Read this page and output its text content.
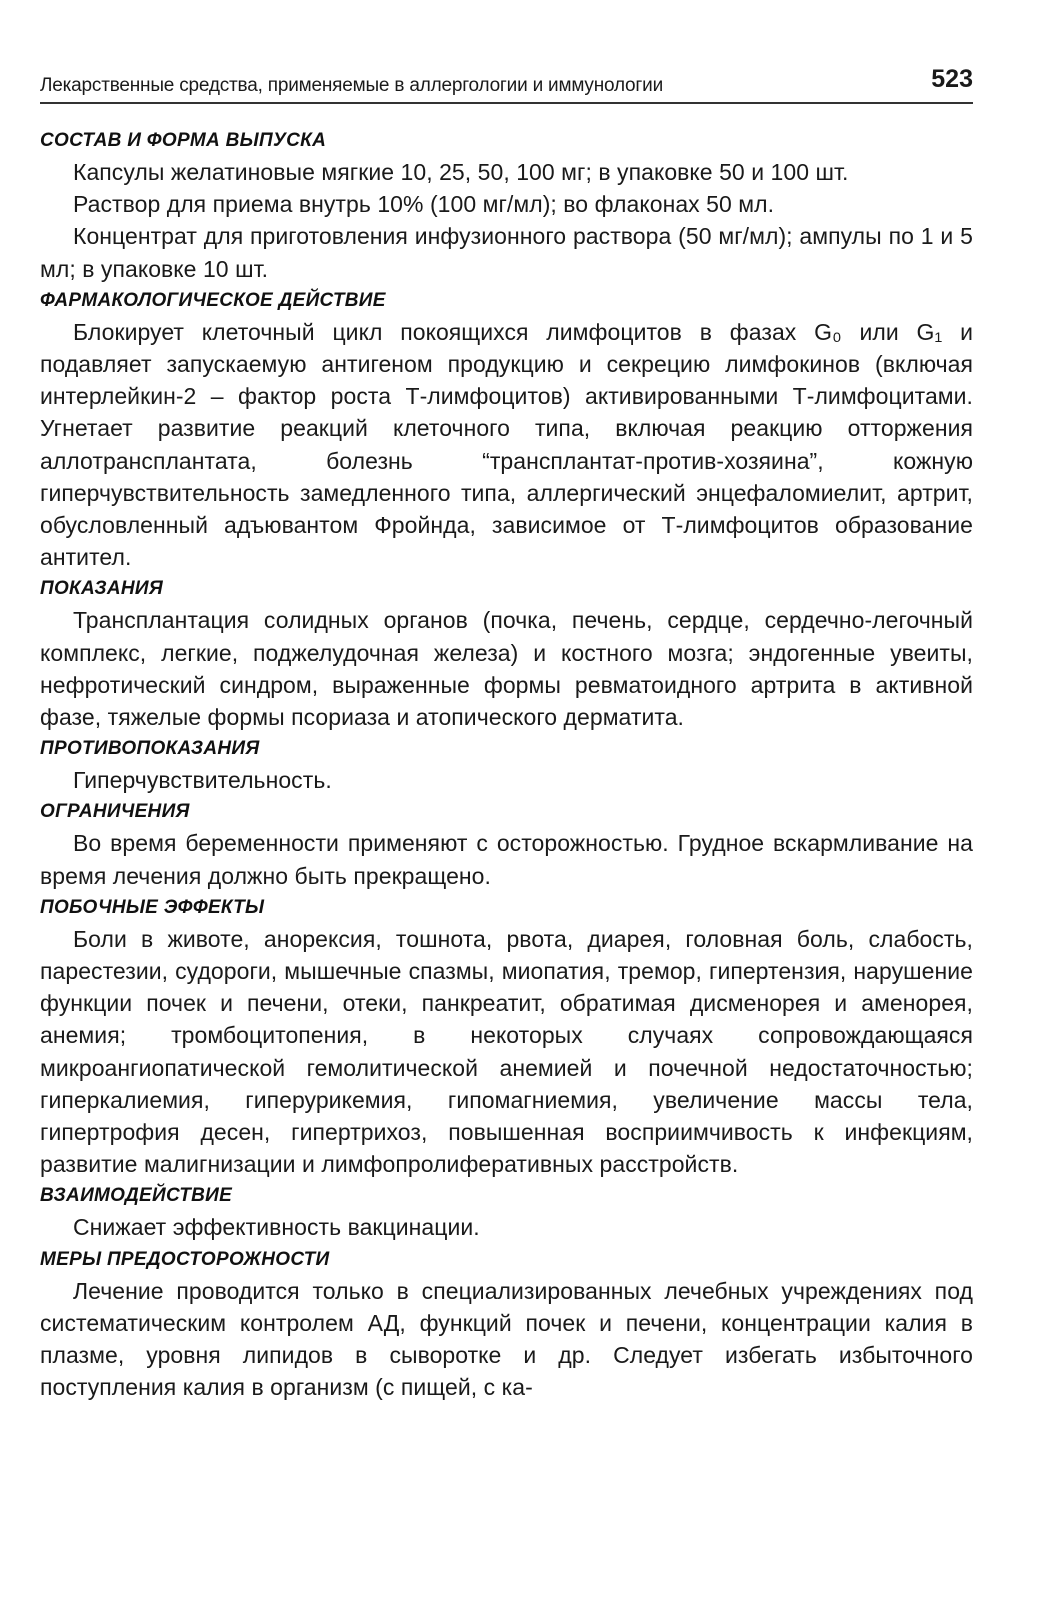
Лекарственные средства, применяемые в аллергологии и иммунологии	523
СОСТАВ И ФОРМА ВЫПУСКА

Капсулы желатиновые мягкие 10, 25, 50, 100 мг; в упаковке 50 и 100 шт.

Раствор для приема внутрь 10% (100 мг/мл); во флаконах 50 мл.

Концентрат для приготовления инфузионного раствора (50 мг/мл); ампулы по 1 и 5 мл; в упаковке 10 шт.

ФАРМАКОЛОГИЧЕСКОЕ ДЕЙСТВИЕ

Блокирует клеточный цикл покоящихся лимфоцитов в фазах G₀ или G₁ и подавляет запускаемую антигеном продукцию и секрецию лимфокинов (включая интерлейкин-2 – фактор роста Т-лимфоцитов) активированными Т-лимфоцитами. Угнетает развитие реакций клеточного типа, включая реакцию отторжения аллотрансплантата, болезнь “трансплантат-против-хозяина”, кожную гиперчувствительность замедленного типа, аллергический энцефаломиелит, артрит, обусловленный адъювантом Фройнда, зависимое от Т-лимфоцитов образование антител.

ПОКАЗАНИЯ

Трансплантация солидных органов (почка, печень, сердце, сердечно-легочный комплекс, легкие, поджелудочная железа) и костного мозга; эндогенные увеиты, нефротический синдром, выраженные формы ревматоидного артрита в активной фазе, тяжелые формы псориаза и атопического дерматита.

ПРОТИВОПОКАЗАНИЯ

Гиперчувствительность.

ОГРАНИЧЕНИЯ

Во время беременности применяют с осторожностью. Грудное вскармливание на время лечения должно быть прекращено.

ПОБОЧНЫЕ ЭФФЕКТЫ

Боли в животе, анорексия, тошнота, рвота, диарея, головная боль, слабость, парестезии, судороги, мышечные спазмы, миопатия, тремор, гипертензия, нарушение функции почек и печени, отеки, панкреатит, обратимая дисменорея и аменорея, анемия; тромбоцитопения, в некоторых случаях сопровождающаяся микроангиопатической гемолитической анемией и почечной недостаточностью; гиперкалиемия, гиперурикемия, гипомагниемия, увеличение массы тела, гипертрофия десен, гипертрихоз, повышенная восприимчивость к инфекциям, развитие малигнизации и лимфопролиферативных расстройств.

ВЗАИМОДЕЙСТВИЕ

Снижает эффективность вакцинации.

МЕРЫ ПРЕДОСТОРОЖНОСТИ

Лечение проводится только в специализированных лечебных учреждениях под систематическим контролем АД, функций почек и печени, концентрации калия в плазме, уровня липидов в сыворотке и др. Следует избегать избыточного поступления калия в организм (с пищей, с ка-
